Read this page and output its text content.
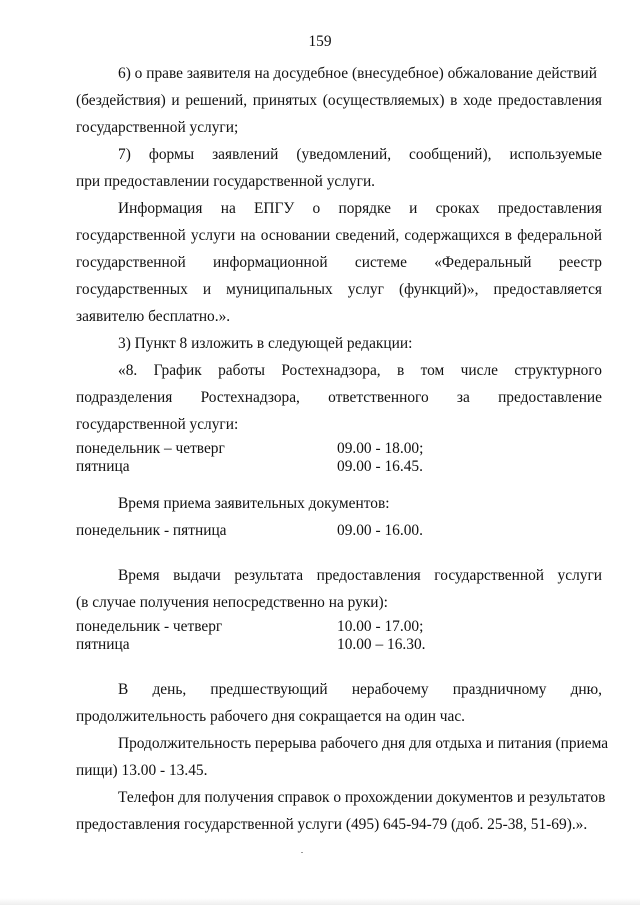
159
6) о праве заявителя на досудебное (внесудебное) обжалование действий
(бездействия) и решений, принятых (осуществляемых) в ходе предоставления
государственной услуги;
7) формы заявлений (уведомлений, сообщений), используемые
при предоставлении государственной услуги.
Информация на ЕПГУ о порядке и сроках предоставления
государственной услуги на основании сведений, содержащихся в федеральной
государственной информационной системе «Федеральный реестр
государственных и муниципальных услуг (функций)», предоставляется
заявителю бесплатно.».
3) Пункт 8 изложить в следующей редакции:
«8. График работы Ростехнадзора, в том числе структурного
подразделения Ростехнадзора, ответственного за предоставление
государственной услуги:
понедельник – четверг	09.00 - 18.00;
пятница	09.00 - 16.45.
Время приема заявительных документов:
понедельник - пятница	09.00 - 16.00.
Время выдачи результата предоставления государственной услуги
(в случае получения непосредственно на руки):
понедельник - четверг	10.00 - 17.00;
пятница	10.00 – 16.30.
В день, предшествующий нерабочему праздничному дню,
продолжительность рабочего дня сокращается на один час.
Продолжительность перерыва рабочего дня для отдыха и питания (приема
пищи) 13.00 - 13.45.
Телефон для получения справок о прохождении документов и результатов
предоставления государственной услуги (495) 645-94-79 (доб. 25-38, 51-69).».
